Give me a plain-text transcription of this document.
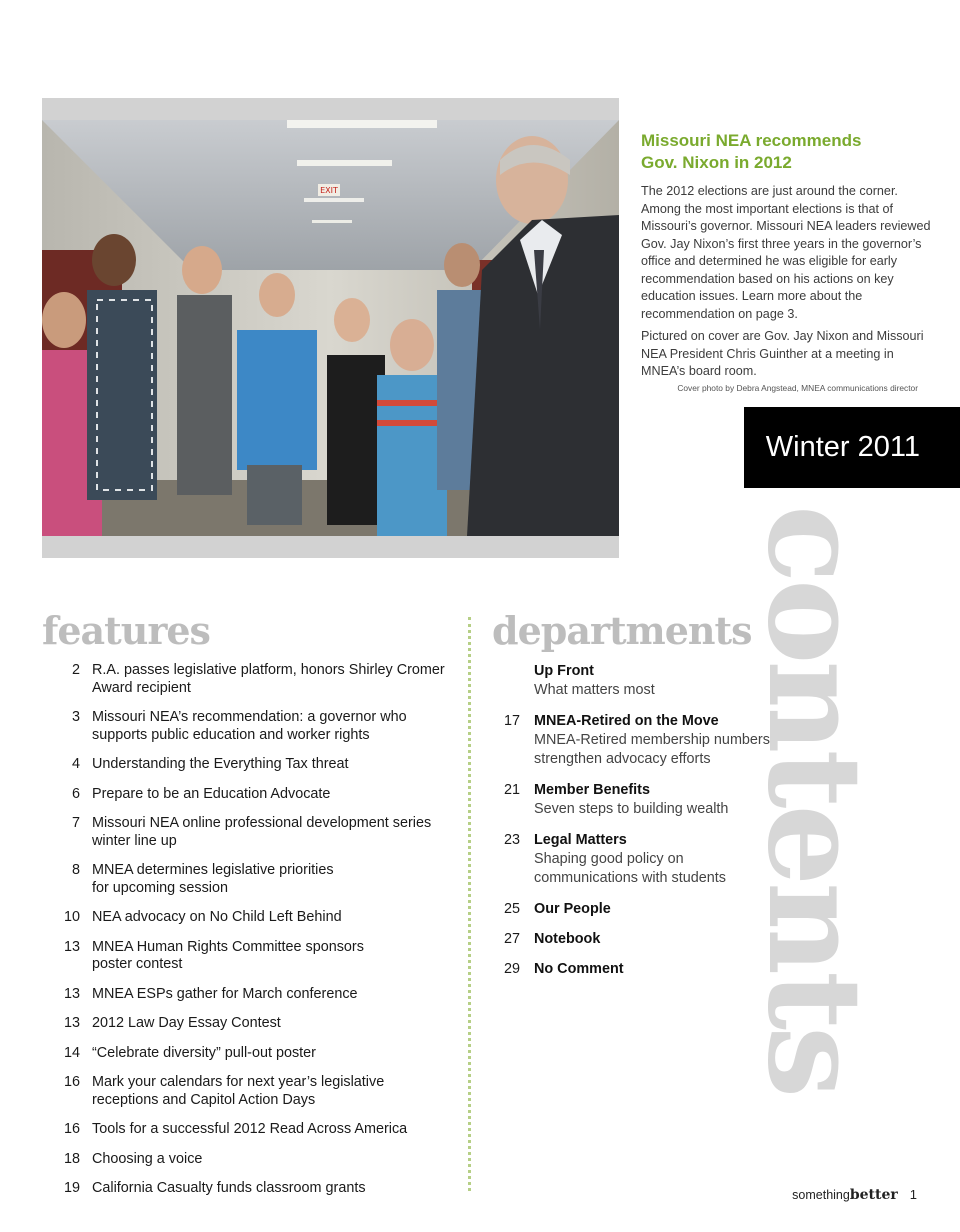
EXIT
Missouri NEA recommends
Gov. Nixon in 2012

The 2012 elections are just around the corner. Among the most important elections is that of Missouri’s governor. Missouri NEA leaders reviewed Gov. Jay Nixon’s first three years in the governor’s office and determined he was eligible for early recommendation based on his actions on key education issues. Learn more about the recommendation on page 3.

Pictured on cover are Gov. Jay Nixon and Missouri NEA President Chris Guinther at a meeting in MNEA’s board room.

Cover photo by Debra Angstead, MNEA communications director
Winter 2011
contents
features
2 R.A. passes legislative platform, honors Shirley Cromer
Award recipient
3 Missouri NEA’s recommendation: a governor who
supports public education and worker rights
4 Understanding the Everything Tax threat
6 Prepare to be an Education Advocate
7 Missouri NEA online professional development series
winter line up
8 MNEA determines legislative priorities
for upcoming session
10 NEA advocacy on No Child Left Behind
13 MNEA Human Rights Committee sponsors
poster contest
13 MNEA ESPs gather for March conference
13 2012 Law Day Essay Contest
14 “Celebrate diversity” pull-out poster
16 Mark your calendars for next year’s legislative
receptions and Capitol Action Days
16 Tools for a successful 2012 Read Across America
18 Choosing a voice
19 California Casualty funds classroom grants
departments
Up Front
What matters most
17 MNEA-Retired on the Move
MNEA-Retired membership numbers
strengthen advocacy efforts
21 Member Benefits
Seven steps to building wealth
23 Legal Matters
Shaping good policy on
communications with students
25 Our People
27 Notebook
29 No Comment
somethingbetter 1
